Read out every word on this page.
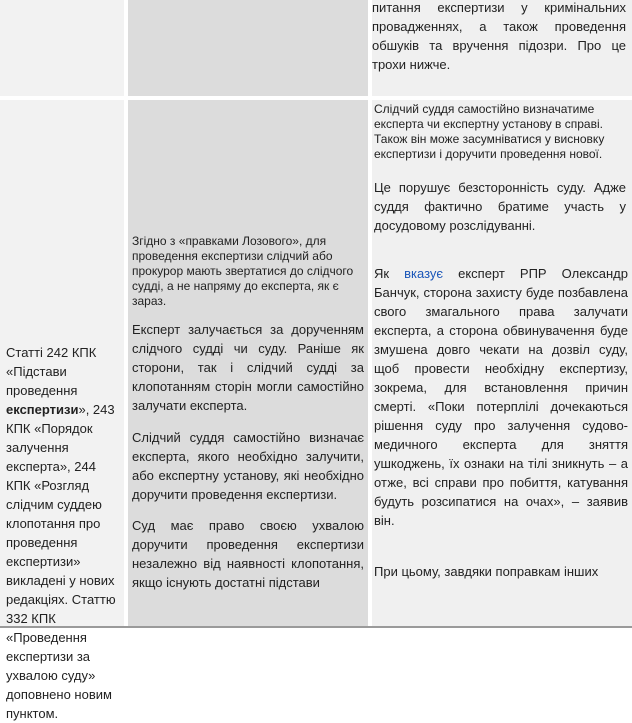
питання експертизи у кримінальних провадженнях, а також проведення обшуків та вручення підозри. Про це трохи нижче.

Статті 242 КПК «Підстави проведення експертизи», 243 КПК «Порядок залучення експерта», 244 КПК «Розгляд слідчим суддею клопотання про проведення експертизи» викладені у нових редакціях. Статтю 332 КПК «Проведення експертизи за ухвалою суду» доповнено новим пунктом.

Згідно з «правками Лозового», для проведення експертизи слідчий або прокурор мають звертатися до слідчого судді, а не напряму до експерта, як є зараз.

Експерт залучається за дорученням слідчого судді чи суду. Раніше як сторони, так і слідчий судді за клопотанням сторін могли самостійно залучати експерта.

Слідчий суддя самостійно визначає експерта, якого необхідно залучити, або експертну установу, які необхідно доручити проведення експертизи.

Суд має право своєю ухвалою доручити проведення експертизи незалежно від наявності клопотання, якщо існують достатні підстави

Слідчий суддя самостійно визначатиме експерта чи експертну установу в справі. Також він може засумніватися у висновку експертизи і доручити проведення нової.

Це порушує безсторонність суду. Адже суддя фактично братиме участь у досудовому розслідуванні.

Як вказує експерт РПР Олександр Банчук, сторона захисту буде позбавлена свого змагального права залучати експерта, а сторона обвинувачення буде змушена довго чекати на дозвіл суду, щоб провести необхідну експертизу, зокрема, для встановлення причин смерті. «Поки потерплілі дочекаються рішення суду про залучення судово-медичного експерта для зняття ушкоджень, їх ознаки на тілі зникнуть – а отже, всі справи про побиття, катування будуть розсипатися на очах», – заявив він.

При цьому, завдяки поправкам інших
